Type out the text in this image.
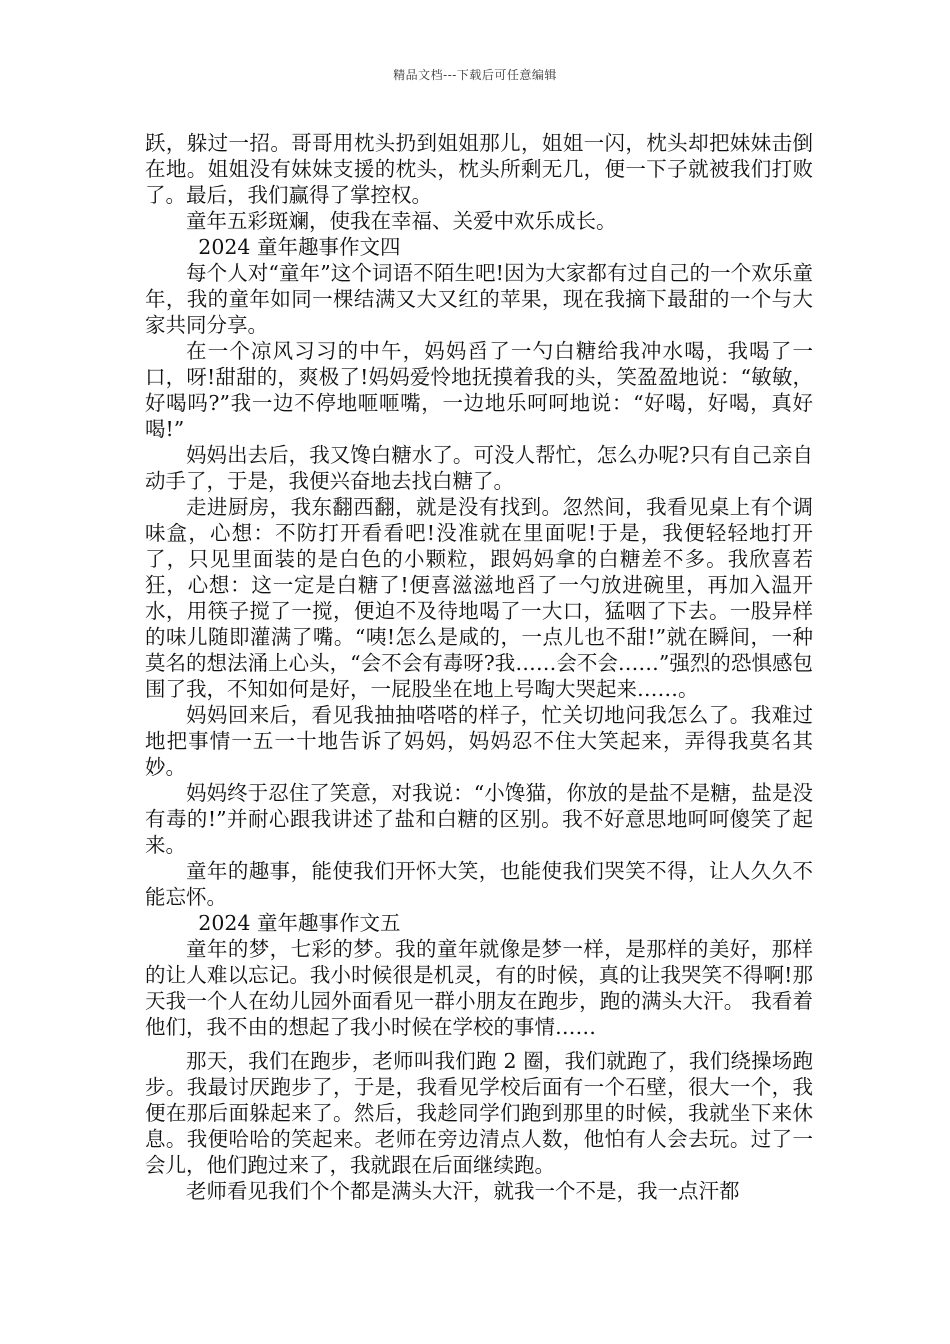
精品文档---下载后可任意编辑

跃，躲过一招。哥哥用枕头扔到姐姐那儿，姐姐一闪，枕头却把妹妹击倒在地。姐姐没有妹妹支援的枕头，枕头所剩无几，便一下子就被我们打败了。最后，我们赢得了掌控权。

童年五彩斑斓，使我在幸福、关爱中欢乐成长。

2024 童年趣事作文四

每个人对“童年”这个词语不陌生吧!因为大家都有过自己的一个欢乐童年，我的童年如同一棵结满又大又红的苹果，现在我摘下最甜的一个与大家共同分享。

在一个凉风习习的中午，妈妈舀了一勺白糖给我冲水喝，我喝了一口，呀!甜甜的，爽极了!妈妈爱怜地抚摸着我的头，笑盈盈地说：“敏敏，好喝吗?”我一边不停地咂咂嘴，一边地乐呵呵地说：“好喝，好喝，真好喝!”

妈妈出去后，我又馋白糖水了。可没人帮忙，怎么办呢?只有自己亲自动手了，于是，我便兴奋地去找白糖了。

走进厨房，我东翻西翻，就是没有找到。忽然间，我看见桌上有个调味盒，心想：不防打开看看吧!没准就在里面呢!于是，我便轻轻地打开了，只见里面装的是白色的小颗粒，跟妈妈拿的白糖差不多。我欣喜若狂，心想：这一定是白糖了!便喜滋滋地舀了一勺放进碗里，再加入温开水，用筷子搅了一搅，便迫不及待地喝了一大口，猛咽了下去。一股异样的味儿随即灌满了嘴。“咦!怎么是咸的，一点儿也不甜!”就在瞬间，一种莫名的想法涌上心头，“会不会有毒呀?我……会不会……”强烈的恐惧感包围了我，不知如何是好，一屁股坐在地上号啕大哭起来……。

妈妈回来后，看见我抽抽嗒嗒的样子，忙关切地问我怎么了。我难过地把事情一五一十地告诉了妈妈，妈妈忍不住大笑起来，弄得我莫名其妙。

妈妈终于忍住了笑意，对我说：“小馋猫，你放的是盐不是糖，盐是没有毒的!”并耐心跟我讲述了盐和白糖的区别。我不好意思地呵呵傻笑了起来。

童年的趣事，能使我们开怀大笑，也能使我们哭笑不得，让人久久不能忘怀。

2024 童年趣事作文五

童年的梦，七彩的梦。我的童年就像是梦一样，是那样的美好，那样的让人难以忘记。我小时候很是机灵，有的时候，真的让我哭笑不得啊!那天我一个人在幼儿园外面看见一群小朋友在跑步，跑的满头大汗。 我看着他们，我不由的想起了我小时候在学校的事情……

那天，我们在跑步，老师叫我们跑 2 圈，我们就跑了，我们绕操场跑步。我最讨厌跑步了，于是，我看见学校后面有一个石壁，很大一个，我便在那后面躲起来了。然后，我趁同学们跑到那里的时候，我就坐下来休息。我便哈哈的笑起来。老师在旁边清点人数，他怕有人会去玩。过了一会儿，他们跑过来了，我就跟在后面继续跑。

老师看见我们个个都是满头大汗，就我一个不是，我一点汗都
